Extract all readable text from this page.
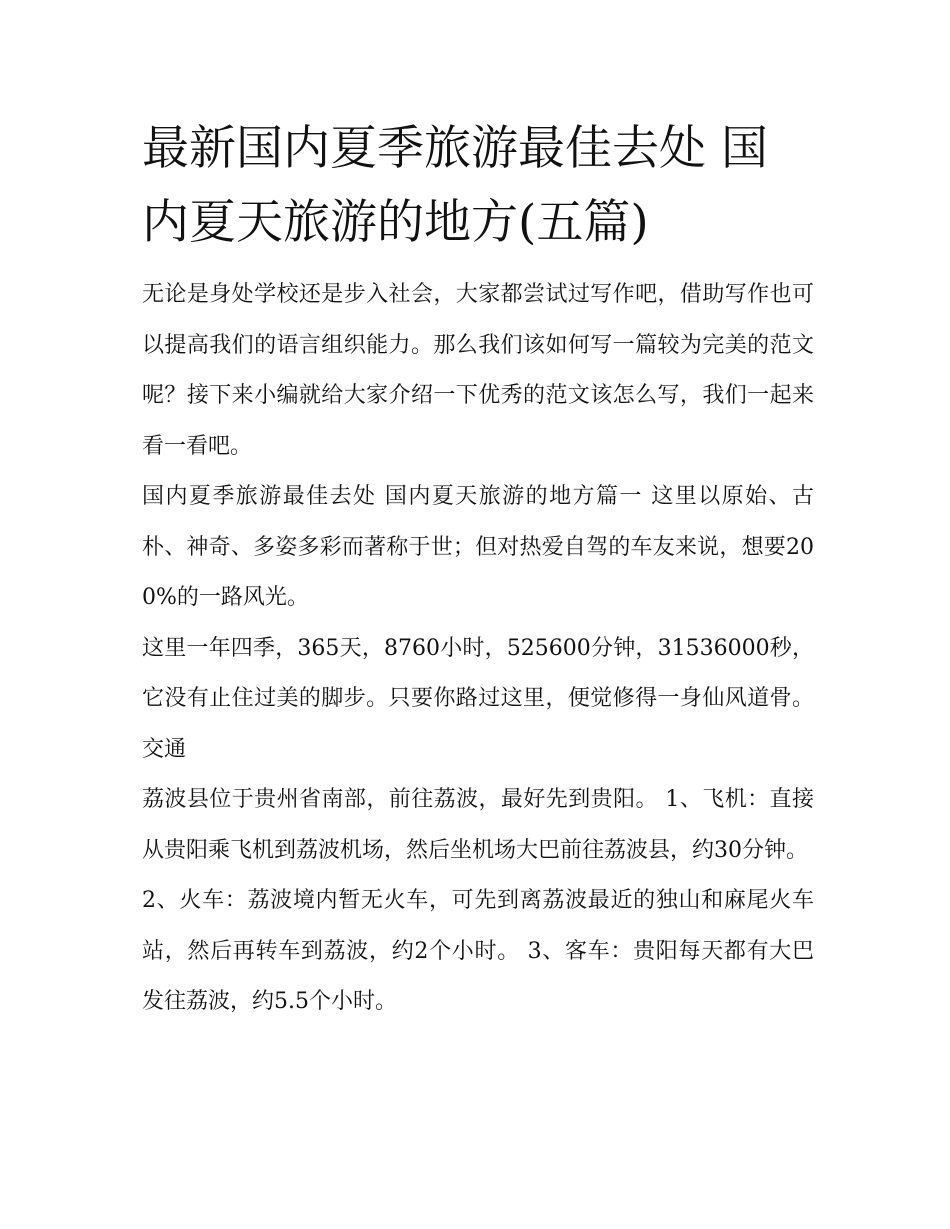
最新国内夏季旅游最佳去处 国内夏天旅游的地方(五篇)

无论是身处学校还是步入社会，大家都尝试过写作吧，借助写作也可以提高我们的语言组织能力。那么我们该如何写一篇较为完美的范文呢？接下来小编就给大家介绍一下优秀的范文该怎么写，我们一起来看一看吧。

国内夏季旅游最佳去处 国内夏天旅游的地方篇一 这里以原始、古朴、神奇、多姿多彩而著称于世；但对热爱自驾的车友来说，想要200%的一路风光。

这里一年四季，365天，8760小时，525600分钟，31536000秒，它没有止住过美的脚步。只要你路过这里，便觉修得一身仙风道骨。 交通

荔波县位于贵州省南部，前往荔波，最好先到贵阳。 1、飞机：直接从贵阳乘飞机到荔波机场，然后坐机场大巴前往荔波县，约30分钟。

2、火车：荔波境内暂无火车，可先到离荔波最近的独山和麻尾火车站，然后再转车到荔波，约2个小时。 3、客车：贵阳每天都有大巴发往荔波，约5.5个小时。
